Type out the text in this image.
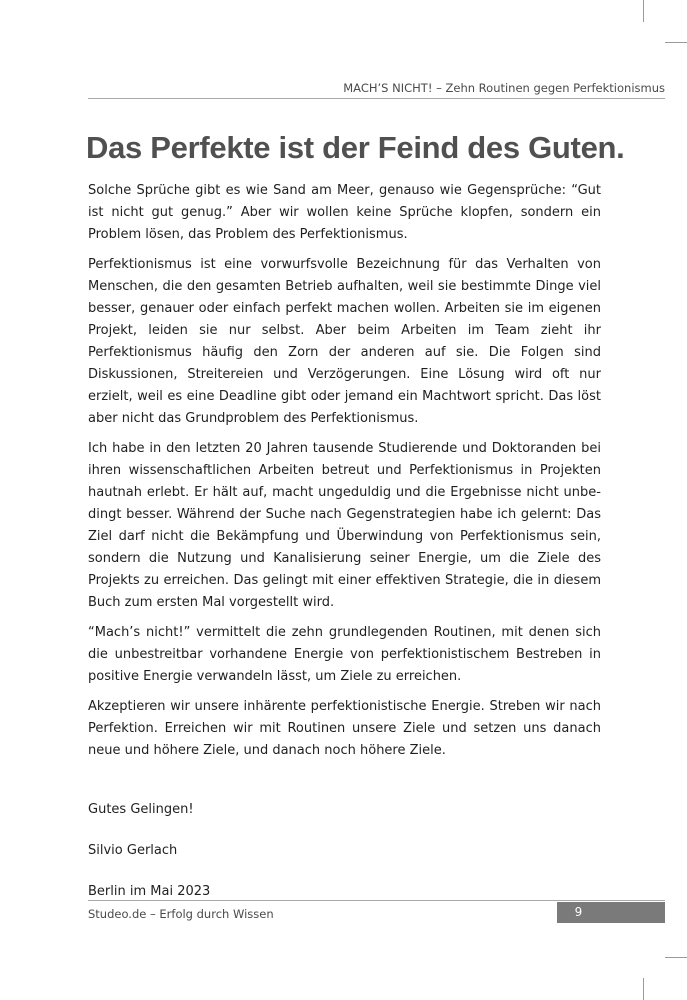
MACH’S NICHT! – Zehn Routinen gegen Perfektionismus
Das Perfekte ist der Feind des Guten.

Solche Sprüche gibt es wie Sand am Meer, genauso wie Gegensprüche: “Gut ist nicht gut genug.” Aber wir wollen keine Sprüche klopfen, sondern ein Problem lösen, das Problem des Perfektionismus.

Perfektionismus ist eine vorwurfsvolle Bezeichnung für das Verhalten von Menschen, die den gesamten Betrieb aufhalten, weil sie bestimmte Dinge viel besser, genauer oder einfach perfekt machen wollen. Arbeiten sie im eigenen Projekt, leiden sie nur selbst. Aber beim Arbeiten im Team zieht ihr Perfektionismus häufig den Zorn der anderen auf sie. Die Folgen sind Diskussionen, Streitereien und Verzögerungen. Eine Lösung wird oft nur erzielt, weil es eine Deadline gibt oder jemand ein Machtwort spricht. Das löst aber nicht das Grundproblem des Perfektionismus.

Ich habe in den letzten 20 Jahren tausende Studierende und Doktoranden bei ihren wissenschaftlichen Arbeiten betreut und Perfektionismus in Projekten hautnah erlebt. Er hält auf, macht ungeduldig und die Ergebnisse nicht unbedingt besser. Während der Suche nach Gegenstrategien habe ich gelernt: Das Ziel darf nicht die Bekämpfung und Überwindung von Perfektionismus sein, sondern die Nutzung und Kanalisierung seiner Energie, um die Ziele des Projekts zu erreichen. Das gelingt mit einer effektiven Strategie, die in diesem Buch zum ersten Mal vorgestellt wird.

“Mach’s nicht!” vermittelt die zehn grundlegenden Routinen, mit denen sich die unbestreitbar vorhandene Energie von perfektionistischem Bestreben in positive Energie verwandeln lässt, um Ziele zu erreichen.

Akzeptieren wir unsere inhärente perfektionistische Energie. Streben wir nach Perfektion. Erreichen wir mit Routinen unsere Ziele und setzen uns danach neue und höhere Ziele, und danach noch höhere Ziele.

Gutes Gelingen!

Silvio Gerlach

Berlin im Mai 2023

Studeo.de – Erfolg durch Wissen	9
